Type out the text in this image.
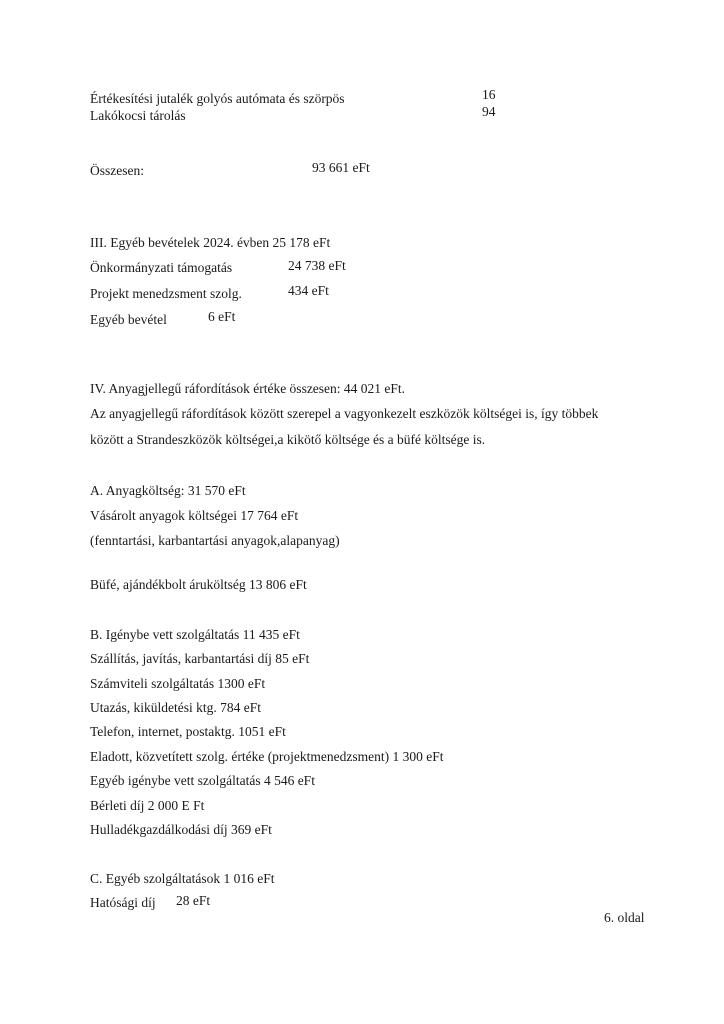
Értékesítési jutalék golyós autómata és szörpös	16
Lakókocsi tárolás	94
Összesen:	93 661 eFt
III. Egyéb bevételek 2024. évben 25 178 eFt
Önkormányzati támogatás	24 738 eFt
Projekt menedzsment szolg.	434 eFt
Egyéb bevétel	6 eFt
IV. Anyagjellegű ráfordítások értéke összesen: 44 021 eFt.
Az anyagjellegű ráfordítások között szerepel a vagyonkezelt eszközök költségei is, így többek
között a Strandeszközök költségei,a kikötő költsége és a büfé költsége is.
A. Anyagköltség: 31 570 eFt
Vásárolt anyagok költségei 17 764 eFt
(fenntartási, karbantartási anyagok,alapanyag)
Büfé, ajándékbolt áruköltség 13 806 eFt
B. Igénybe vett szolgáltatás 11 435 eFt
Szállítás, javítás, karbantartási díj 85 eFt
Számviteli szolgáltatás 1300 eFt
Utazás, kiküldetési ktg. 784 eFt
Telefon, internet, postaktg. 1051 eFt
Eladott, közvetített szolg. értéke (projektmenedzsment) 1 300 eFt
Egyéb igénybe vett szolgáltatás 4 546 eFt
Bérleti díj 2 000 E Ft
Hulladékgazdálkodási díj 369 eFt
C. Egyéb szolgáltatások 1 016 eFt
Hatósági díj 28 eFt
6. oldal
